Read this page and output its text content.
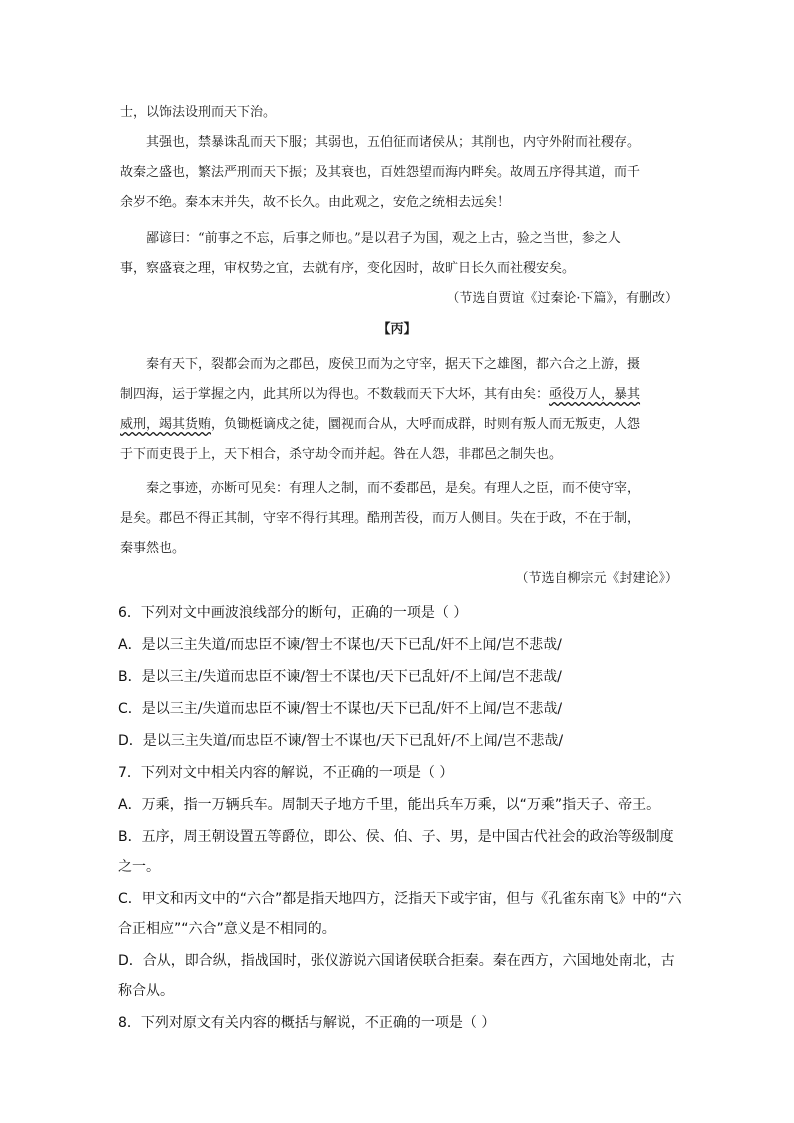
士，以饰法设刑而天下治。
其强也，禁暴诛乱而天下服；其弱也，五伯征而诸侯从；其削也，内守外附而社稷存。
故秦之盛也，繁法严刑而天下振；及其衰也，百姓怨望而海内畔矣。故周五序得其道，而千
余岁不绝。秦本末并失，故不长久。由此观之，安危之统相去远矣！
鄙谚曰：“前事之不忘，后事之师也。”是以君子为国，观之上古，验之当世，参之人
事，察盛衰之理，审权势之宜，去就有序，变化因时，故旷日长久而社稷安矣。
（节选自贾谊《过秦论·下篇》，有删改）
【丙】
秦有天下，裂都会而为之郡邑，废侯卫而为之守宰，据天下之雄图，都六合之上游，摄
制四海，运于掌握之内，此其所以为得也。不数载而天下大坏，其有由矣：亟役万人，暴其
威刑，竭其货贿，负锄梃谪戍之徒，圜视而合从，大呼而成群，时则有叛人而无叛吏，人怨
于下而吏畏于上，天下相合，杀守劫令而并起。咎在人怨，非郡邑之制失也。
秦之事迹，亦断可见矣：有理人之制，而不委郡邑，是矣。有理人之臣，而不使守宰，
是矣。郡邑不得正其制，守宰不得行其理。酷刑苦役，而万人侧目。失在于政，不在于制，
秦事然也。
（节选自柳宗元《封建论》）
6．下列对文中画波浪线部分的断句，正确的一项是（ ）
A．是以三主失道/而忠臣不谏/智士不谋也/天下已乱/奸不上闻/岂不悲哉/
B．是以三主/失道而忠臣不谏/智士不谋也/天下已乱奸/不上闻/岂不悲哉/
C．是以三主/失道而忠臣不谏/智士不谋也/天下已乱/奸不上闻/岂不悲哉/
D．是以三主失道/而忠臣不谏/智士不谋也/天下已乱奸/不上闻/岂不悲哉/
7．下列对文中相关内容的解说，不正确的一项是（ ）
A．万乘，指一万辆兵车。周制天子地方千里，能出兵车万乘，以“万乘”指天子、帝王。
B．五序，周王朝设置五等爵位，即公、侯、伯、子、男，是中国古代社会的政治等级制度
之一。
C．甲文和丙文中的“六合”都是指天地四方，泛指天下或宇宙，但与《孔雀东南飞》中的“六
合正相应”“六合”意义是不相同的。
D．合从，即合纵，指战国时，张仪游说六国诸侯联合拒秦。秦在西方，六国地处南北，古
称合从。
8．下列对原文有关内容的概括与解说，不正确的一项是（ ）
